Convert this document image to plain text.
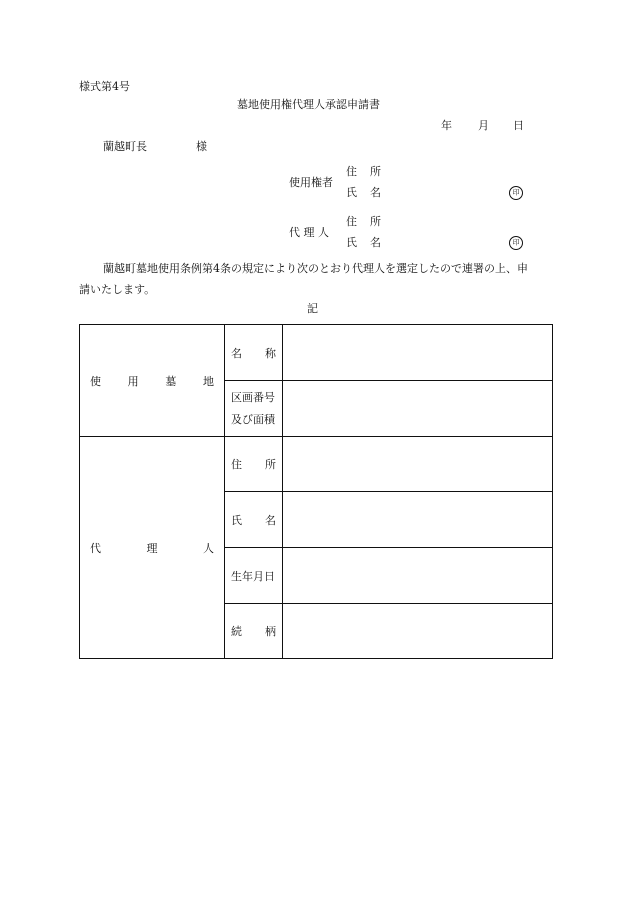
様式第4号
墓地使用権代理人承認申請書
年 月 日
蘭越町長	様
使用権者
住 所
氏 名	印
代 理 人
住 所
氏 名	印
蘭越町墓地使用条例第4条の規定により次のとおり代理人を選定したので連署の上、申
請いたします。
記
使 用 墓 地	名 称	

	区画番号
及び面積	

代 理 人	住 所	

	氏 名	

	生年月日	

	続 柄	
